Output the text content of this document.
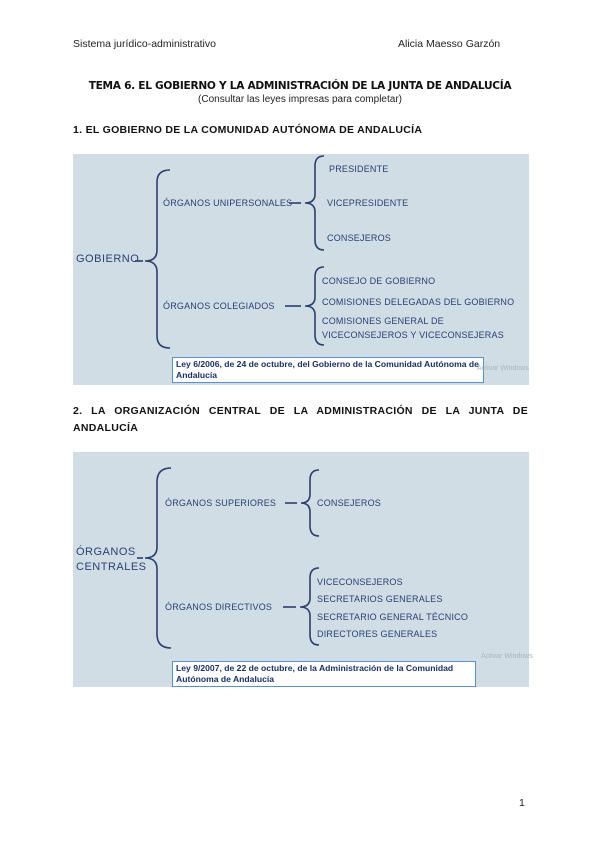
Sistema jurídico-administrativo	Alicia Maesso Garzón
TEMA 6. EL GOBIERNO Y LA ADMINISTRACIÓN DE LA JUNTA DE ANDALUCÍA
(Consultar las leyes impresas para completar)
1. EL GOBIERNO DE LA COMUNIDAD AUTÓNOMA DE ANDALUCÍA
GOBIERNO
ÓRGANOS UNIPERSONALES
ÓRGANOS COLEGIADOS
PRESIDENTE
VICEPRESIDENTE
CONSEJEROS
CONSEJO DE GOBIERNO
COMISIONES DELEGADAS DEL GOBIERNO
COMISIONES GENERAL DE VICECONSEJEROS Y VICECONSEJERAS
Ley 6/2006, de 24 de octubre, del Gobierno de la Comunidad Autónoma de Andalucía
Activar Windows
2. LA ORGANIZACIÓN CENTRAL DE LA ADMINISTRACIÓN DE LA JUNTA DE ANDALUCÍA
ÓRGANOS CENTRALES
ÓRGANOS SUPERIORES
ÓRGANOS DIRECTIVOS
CONSEJEROS
VICECONSEJEROS
SECRETARIOS GENERALES
SECRETARIO GENERAL TÉCNICO
DIRECTORES GENERALES
Ley 9/2007, de 22 de octubre, de la Administración de la Comunidad Autónoma de Andalucía
Activar Windows
1
